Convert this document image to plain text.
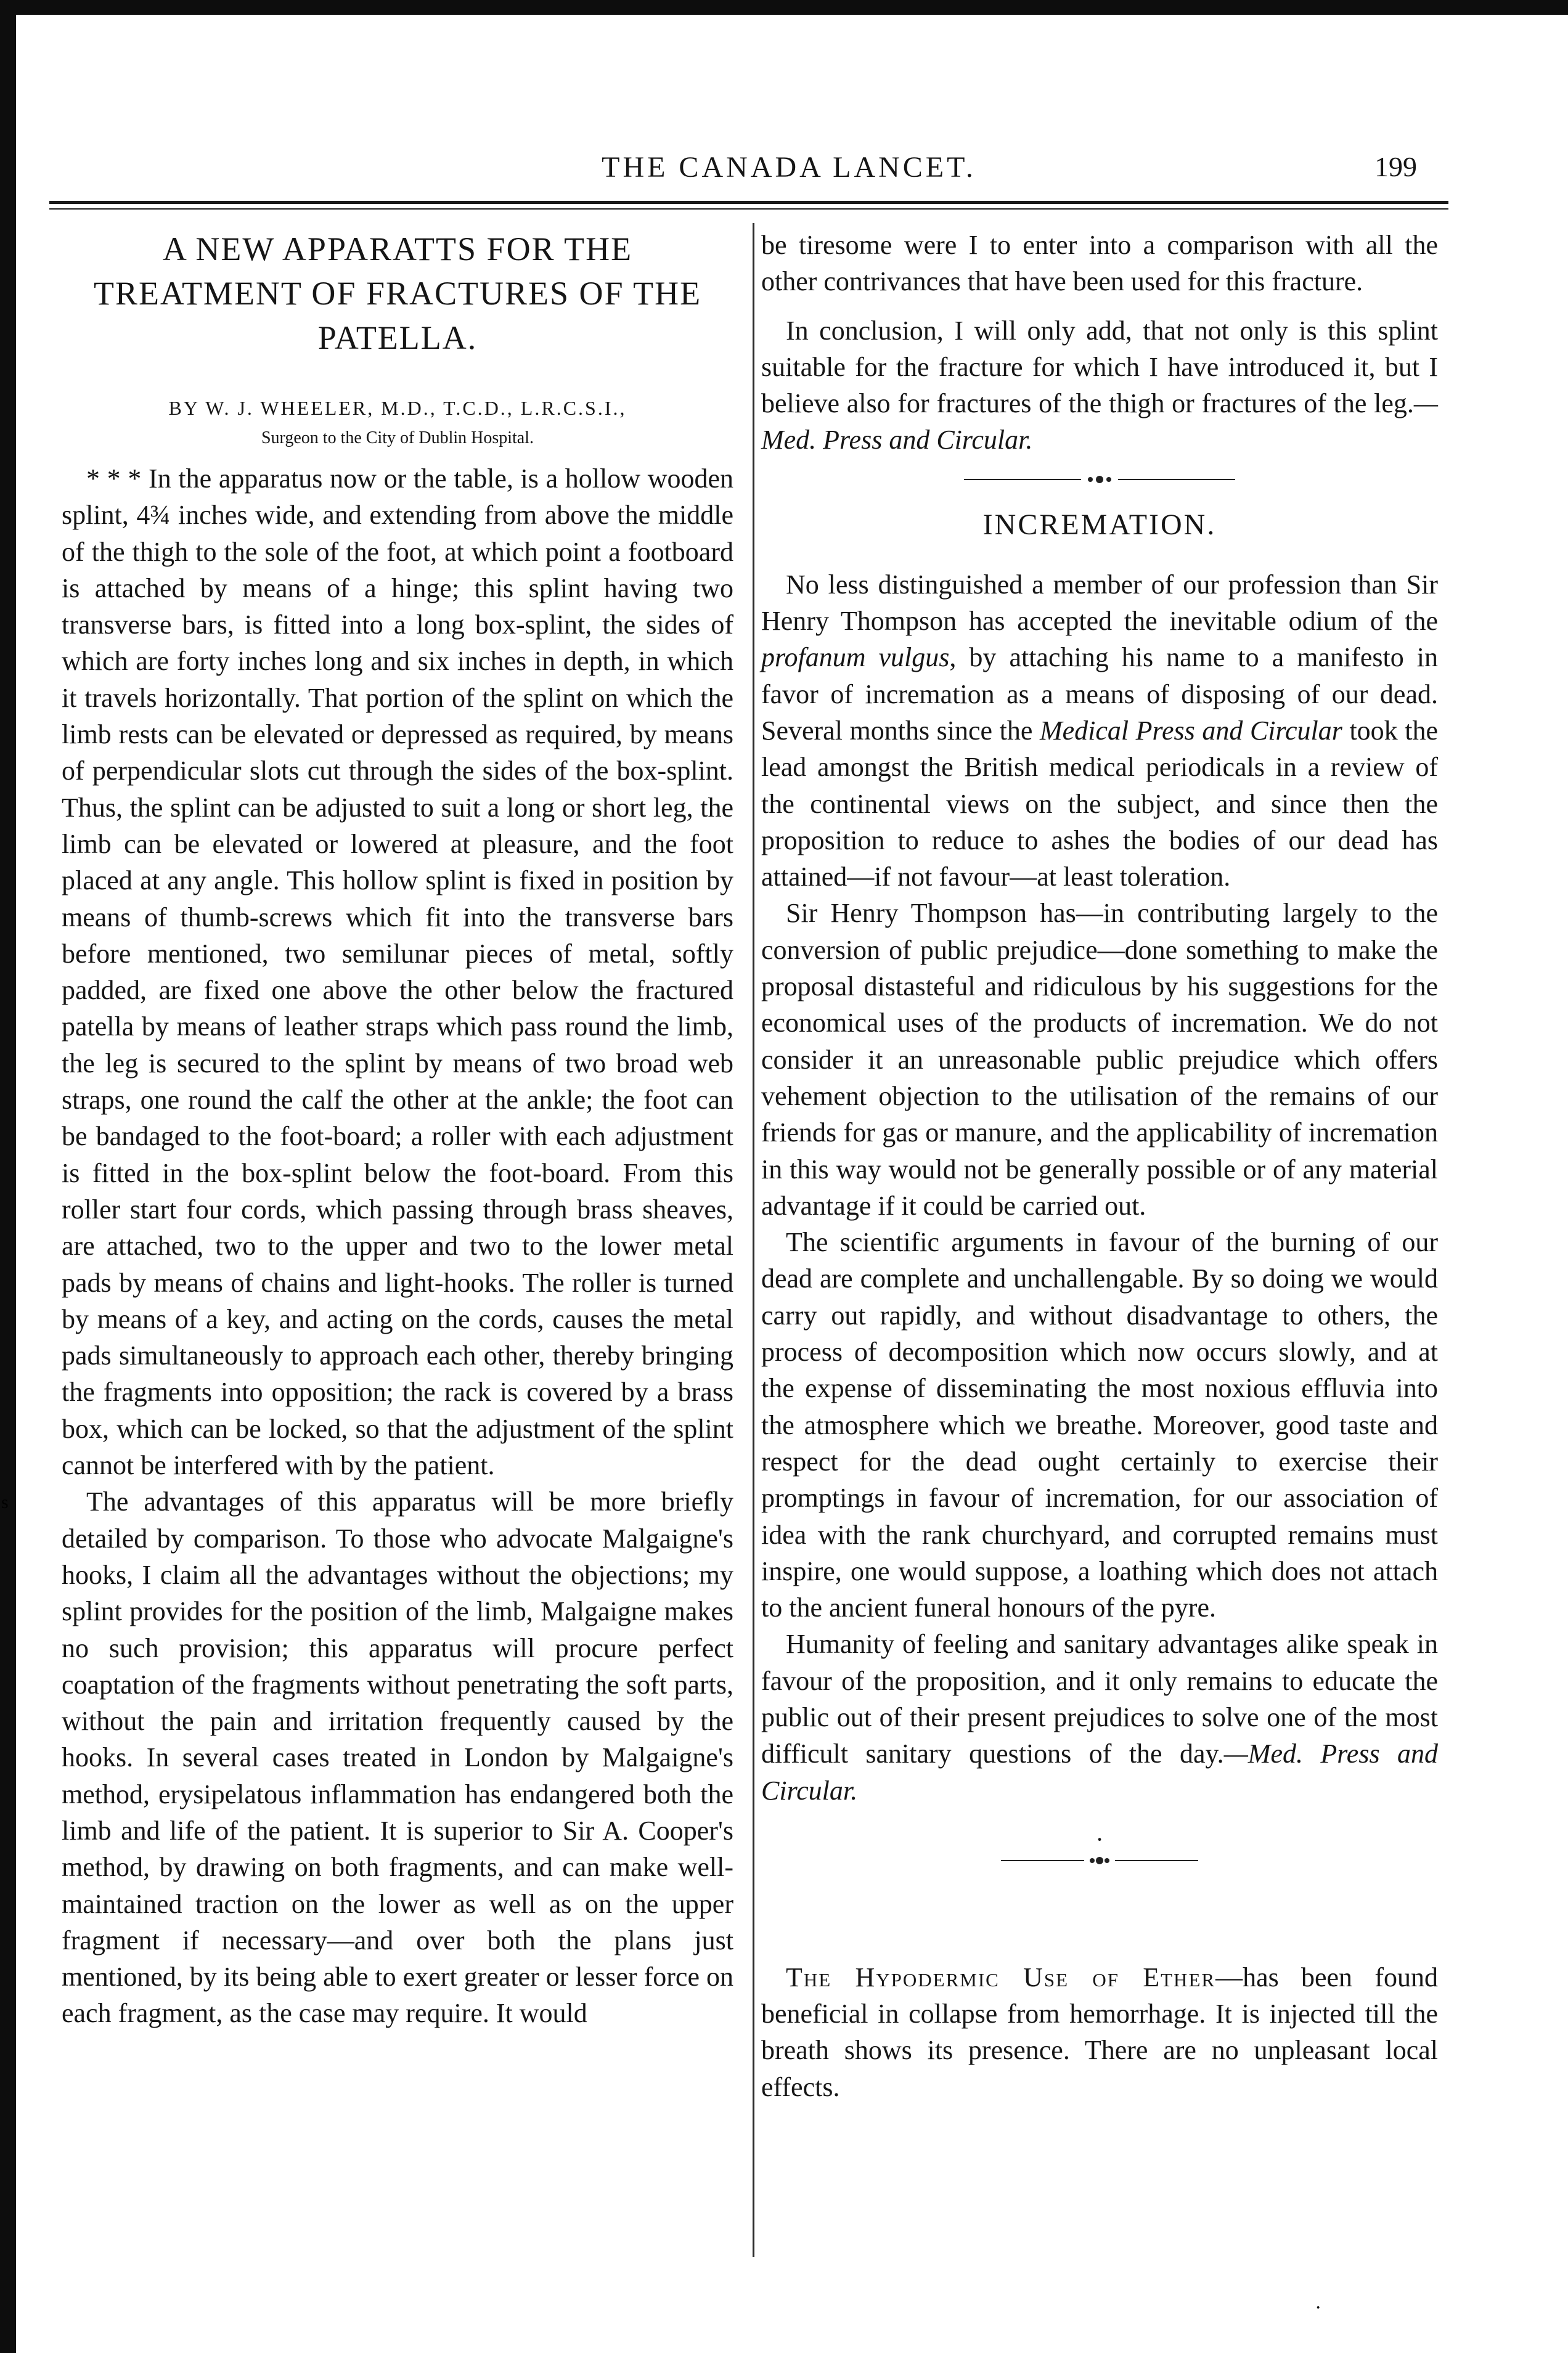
THE CANADA LANCET.	199
A NEW APPARATTS FOR THE TREATMENT OF FRACTURES OF THE PATELLA.
BY W. J. WHEELER, M.D., T.C.D., L.R.C.S.I.,
Surgeon to the City of Dublin Hospital.

* * * In the apparatus now or the table, is a hollow wooden splint, 4¾ inches wide, and extending from above the middle of the thigh to the sole of the foot, at which point a footboard is attached by means of a hinge; this splint having two transverse bars, is fitted into a long box-splint, the sides of which are forty inches long and six inches in depth, in which it travels horizontally. That portion of the splint on which the limb rests can be elevated or depressed as required, by means of perpendicular slots cut through the sides of the box-splint. Thus, the splint can be adjusted to suit a long or short leg, the limb can be elevated or lowered at pleasure, and the foot placed at any angle. This hollow splint is fixed in position by means of thumb-screws which fit into the transverse bars before mentioned, two semilunar pieces of metal, softly padded, are fixed one above the other below the fractured patella by means of leather straps which pass round the limb, the leg is secured to the splint by means of two broad web straps, one round the calf the other at the ankle; the foot can be bandaged to the foot-board; a roller with each adjustment is fitted in the box-splint below the foot-board. From this roller start four cords, which passing through brass sheaves, are attached, two to the upper and two to the lower metal pads by means of chains and light-hooks. The roller is turned by means of a key, and acting on the cords, causes the metal pads simultaneously to approach each other, thereby bringing the fragments into opposition; the rack is covered by a brass box, which can be locked, so that the adjustment of the splint cannot be interfered with by the patient.

The advantages of this apparatus will be more briefly detailed by comparison. To those who advocate Malgaigne's hooks, I claim all the advantages without the objections; my splint provides for the position of the limb, Malgaigne makes no such provision; this apparatus will procure perfect coaptation of the fragments without penetrating the soft parts, without the pain and irritation frequently caused by the hooks. In several cases treated in London by Malgaigne's method, erysipelatous inflammation has endangered both the limb and life of the patient. It is superior to Sir A. Cooper's method, by drawing on both fragments, and can make well-maintained traction on the lower as well as on the upper fragment if necessary—and over both the plans just mentioned, by its being able to exert greater or lesser force on each fragment, as the case may require. It would

be tiresome were I to enter into a comparison with all the other contrivances that have been used for this fracture.

In conclusion, I will only add, that not only is this splint suitable for the fracture for which I have introduced it, but I believe also for fractures of the thigh or fractures of the leg.—Med. Press and Circular.

INCREMATION.

No less distinguished a member of our profession than Sir Henry Thompson has accepted the inevitable odium of the profanum vulgus, by attaching his name to a manifesto in favor of incremation as a means of disposing of our dead. Several months since the Medical Press and Circular took the lead amongst the British medical periodicals in a review of the continental views on the subject, and since then the proposition to reduce to ashes the bodies of our dead has attained—if not favour—at least toleration.

Sir Henry Thompson has—in contributing largely to the conversion of public prejudice—done something to make the proposal distasteful and ridiculous by his suggestions for the economical uses of the products of incremation. We do not consider it an unreasonable public prejudice which offers vehement objection to the utilisation of the remains of our friends for gas or manure, and the applicability of incremation in this way would not be generally possible or of any material advantage if it could be carried out.

The scientific arguments in favour of the burning of our dead are complete and unchallengable. By so doing we would carry out rapidly, and without disadvantage to others, the process of decomposition which now occurs slowly, and at the expense of disseminating the most noxious effluvia into the atmosphere which we breathe. Moreover, good taste and respect for the dead ought certainly to exercise their promptings in favour of incremation, for our association of idea with the rank churchyard, and corrupted remains must inspire, one would suppose, a loathing which does not attach to the ancient funeral honours of the pyre.

Humanity of feeling and sanitary advantages alike speak in favour of the proposition, and it only remains to educate the public out of their present prejudices to solve one of the most difficult sanitary questions of the day.—Med. Press and Circular.

·

The Hypodermic Use of Ether—has been found beneficial in collapse from hemorrhage. It is injected till the breath shows its presence. There are no unpleasant local effects.

·
s
